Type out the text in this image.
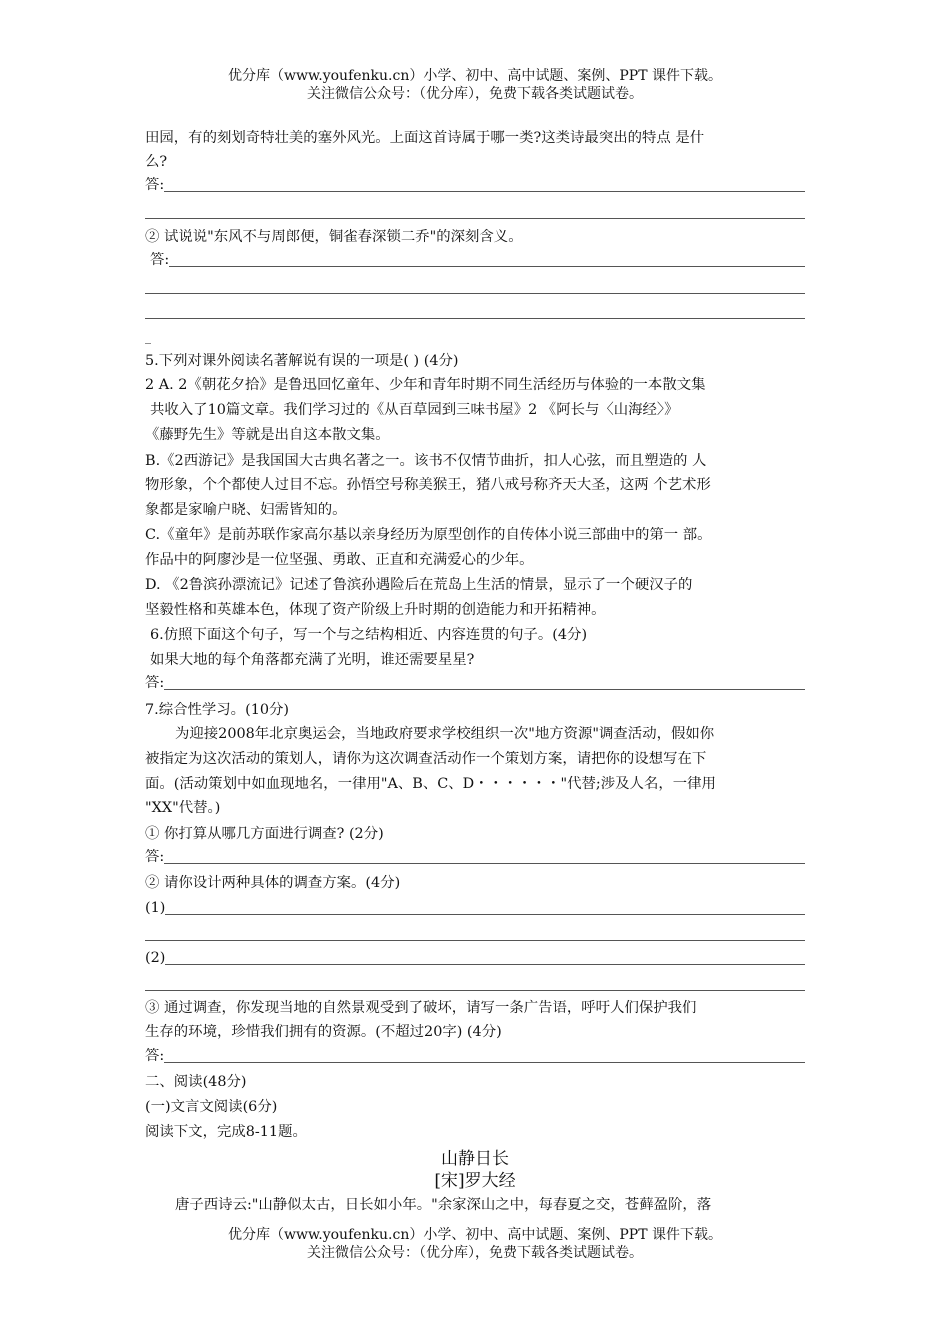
优分库（www.youfenku.cn）小学、初中、高中试题、案例、PPT 课件下载。
关注微信公众号：（优分库），免费下载各类试题试卷。
田园，有的刻划奇特壮美的塞外风光。上面这首诗属于哪一类?这类诗最突出的特点 是什
么?
答:
② 试说说"东风不与周郎便，铜雀春深锁二乔"的深刻含义。
答:
_
5.下列对课外阅读名著解说有误的一项是( ) (4分)
2 A. 2《朝花夕拾》是鲁迅回忆童年、少年和青年时期不同生活经历与体验的一本散文集
共收入了10篇文章。我们学习过的《从百草园到三味书屋》2 《阿长与〈山海经〉》
《藤野先生》等就是出自这本散文集。
B.《2西游记》是我国国大古典名著之一。该书不仅情节曲折，扣人心弦，而且塑造的 人
物形象，个个都使人过目不忘。孙悟空号称美猴王，猪八戒号称齐天大圣，这两 个艺术形
象都是家喻户晓、妇需皆知的。
C.《童年》是前苏联作家高尔基以亲身经历为原型创作的自传体小说三部曲中的第一 部。
作品中的阿廖沙是一位坚强、勇敢、正直和充满爱心的少年。
D. 《2鲁滨孙漂流记》记述了鲁滨孙遇险后在荒岛上生活的情景，显示了一个硬汉子的
坚毅性格和英雄本色，体现了资产阶级上升时期的创造能力和开拓精神。
6.仿照下面这个句子，写一个与之结构相近、内容连贯的句子。(4分)
如果大地的每个角落都充满了光明，谁还需要星星?
答:
7.综合性学习。(10分)
为迎接2008年北京奥运会，当地政府要求学校组织一次"地方资源"调查活动，假如你
被指定为这次活动的策划人，请你为这次调查活动作一个策划方案，请把你的设想写在下
面。(活动策划中如血现地名，一律用"A、B、C、D・・・・・・"代替;涉及人名，一律用
"XX"代替。)
① 你打算从哪几方面进行调查? (2分)
答:
② 请你设计两种具体的调查方案。(4分)
(1)
(2)
③ 通过调查，你发现当地的自然景观受到了破坏，请写一条广告语，呼吁人们保护我们
生存的环境，珍惜我们拥有的资源。(不超过20字) (4分)
答:
二、阅读(48分)
(一)文言文阅读(6分)
阅读下文，完成8-11题。
山静日长
[宋]罗大经
唐子西诗云:"山静似太古，日长如小年。"余家深山之中，每春夏之交，苍藓盈阶，落
优分库（www.youfenku.cn）小学、初中、高中试题、案例、PPT 课件下载。
关注微信公众号：（优分库），免费下载各类试题试卷。
